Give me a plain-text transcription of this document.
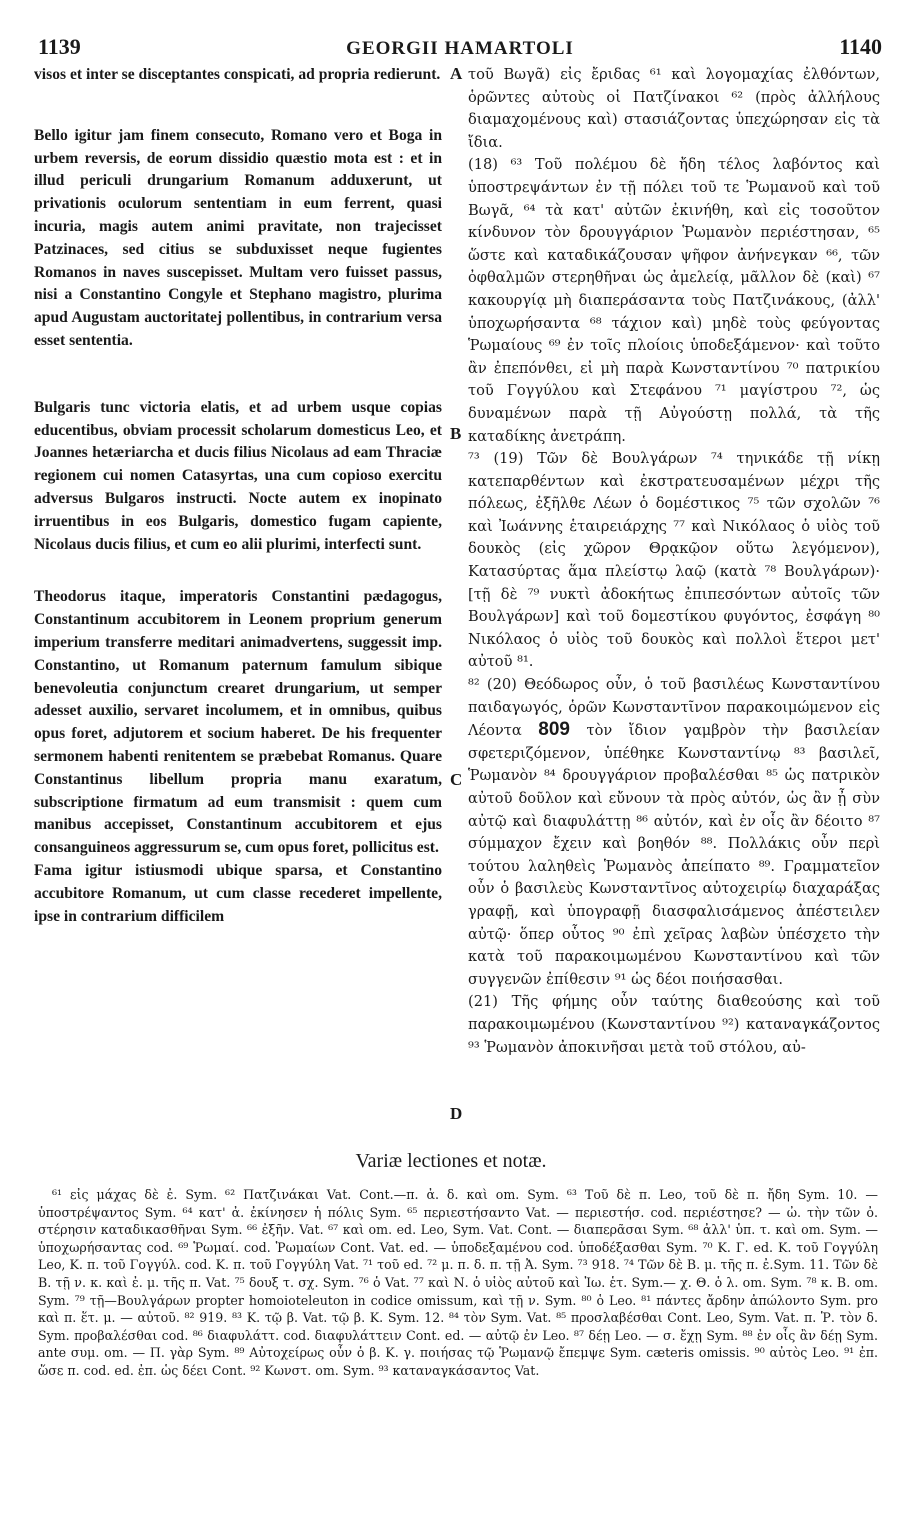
1139	GEORGII HAMARTOLI	1140

visos et inter se disceptantes conspicati, ad propria redierunt.

Bello igitur jam finem consecuto, Romano vero et Boga in urbem reversis, de eorum dissidio quæstio mota est : et in illud periculi drungarium Romanum adduxerunt, ut privationis oculorum sententiam in eum ferrent, quasi incuria, magis autem animi pravitate, non trajecisset Patzinaces, sed citius se subduxisset neque fugientes Romanos in naves suscepisset. Multam vero fuisset passus, nisi a Constantino Congyle et Stephano magistro, plurima apud Augustam auctoritatej pollentibus, in contrarium versa esset sententia.

Bulgaris tunc victoria elatis, et ad urbem usque copias educentibus, obviam processit scholarum domesticus Leo, et Joannes hetæriarcha et ducis filius Nicolaus ad eam Thraciæ regionem cui nomen Catasyrtas, una cum copioso exercitu adversus Bulgaros instructi. Nocte autem ex inopinato irruentibus in eos Bulgaris, domestico fugam capiente, Nicolaus ducis filius, et cum eo alii plurimi, interfecti sunt.

Theodorus itaque, imperatoris Constantini pædagogus, Constantinum accubitorem in Leonem proprium generum imperium transferre meditari animadvertens, suggessit imp. Constantino, ut Romanum paternum famulum sibique benevoleutia conjunctum crearet drungarium, ut semper adesset auxilio, servaret incolumem, et in omnibus, quibus opus foret, adjutorem et socium haberet. De his frequenter sermonem habenti renitentem se præbebat Romanus. Quare Constantinus libellum propria manu exaratum, subscriptione firmatum ad eum transmisit : quem cum manibus accepisset, Constantinum accubitorem et ejus consanguineos aggressurum se, cum opus foret, pollicitus est.

Fama igitur istiusmodi ubique sparsa, et Constantino accubitore Romanum, ut cum classe recederet impellente, ipse in contrarium difficilem

A
B
C
D

τοῦ Βωγᾶ) εἰς ἔριδας ⁶¹ καὶ λογομαχίας ἐλθόντων, ὁρῶντες αὐτοὺς οἱ Πατζίνακοι ⁶² (πρὸς ἀλλήλους διαμαχομένους καὶ) στασιάζοντας ὑπεχώρησαν εἰς τὰ ἴδια.

(18) ⁶³ Τοῦ πολέμου δὲ ἤδη τέλος λαβόντος καὶ ὑποστρεψάντων ἐν τῇ πόλει τοῦ τε Ῥωμανοῦ καὶ τοῦ Βωγᾶ, ⁶⁴ τὰ κατ' αὐτῶν ἐκινήθη, καὶ εἰς τοσοῦτον κίνδυνον τὸν δρουγγάριον Ῥωμανὸν περιέστησαν, ⁶⁵ ὥστε καὶ καταδικάζουσαν ψῆφον ἀνήνεγκαν ⁶⁶, τῶν ὀφθαλμῶν στερηθῆναι ὡς ἀμελείᾳ, μᾶλλον δὲ (καὶ) ⁶⁷ κακουργίᾳ μὴ διαπεράσαντα τοὺς Πατζινάκους, (ἀλλ' ὑποχωρήσαντα ⁶⁸ τάχιον καὶ) μηδὲ τοὺς φεύγοντας Ῥωμαίους ⁶⁹ ἐν τοῖς πλοίοις ὑποδεξάμενον· καὶ τοῦτο ἂν ἐπεπόνθει, εἰ μὴ παρὰ Κωνσταντίνου ⁷⁰ πατρικίου τοῦ Γογγύλου καὶ Στεφάνου ⁷¹ μαγίστρου ⁷², ὡς δυναμένων παρὰ τῇ Αὐγούστῃ πολλά, τὰ τῆς καταδίκης ἀνετράπη.

⁷³ (19) Τῶν δὲ Βουλγάρων ⁷⁴ τηνικάδε τῇ νίκῃ κατεπαρθέντων καὶ ἐκστρατευσαμένων μέχρι τῆς πόλεως, ἐξῆλθε Λέων ὁ δομέστικος ⁷⁵ τῶν σχολῶν ⁷⁶ καὶ Ἰωάννης ἑταιρειάρχης ⁷⁷ καὶ Νικόλαος ὁ υἱὸς τοῦ δουκὸς (εἰς χῶρον Θρᾳκῷον οὕτω λεγόμενον), Κατασύρτας ἅμα πλείστῳ λαῷ (κατὰ ⁷⁸ Βουλγάρων)· [τῇ δὲ ⁷⁹ νυκτὶ ἀδοκήτως ἐπιπεσόντων αὐτοῖς τῶν Βουλγάρων] καὶ τοῦ δομεστίκου φυγόντος, ἐσφάγη ⁸⁰ Νικόλαος ὁ υἱὸς τοῦ δουκὸς καὶ πολλοὶ ἕτεροι μετ' αὐτοῦ ⁸¹.

⁸² (20) Θεόδωρος οὖν, ὁ τοῦ βασιλέως Κωνσταντίνου παιδαγωγός, ὁρῶν Κωνσταντῖνον παρακοιμώμενον εἰς Λέοντα 809 τὸν ἴδιον γαμβρὸν τὴν βασιλείαν σφετεριζόμενον, ὑπέθηκε Κωνσταντίνῳ ⁸³ βασιλεῖ, Ῥωμανὸν ⁸⁴ δρουγγάριον προβαλέσθαι ⁸⁵ ὡς πατρικὸν αὐτοῦ δοῦλον καὶ εὔνουν τὰ πρὸς αὐτόν, ὡς ἂν ᾖ σὺν αὐτῷ καὶ διαφυλάττῃ ⁸⁶ αὐτόν, καὶ ἐν οἷς ἂν δέοιτο ⁸⁷ σύμμαχον ἔχειν καὶ βοηθόν ⁸⁸. Πολλάκις οὖν περὶ τούτου λαληθεὶς Ῥωμανὸς ἀπείπατο ⁸⁹. Γραμματεῖον οὖν ὁ βασιλεὺς Κωνσταντῖνος αὐτοχειρίῳ διαχαράξας γραφῇ, καὶ ὑπογραφῇ διασφαλισάμενος ἀπέστειλεν αὐτῷ· ὅπερ οὗτος ⁹⁰ ἐπὶ χεῖρας λαβὼν ὑπέσχετο τὴν κατὰ τοῦ παρακοιμωμένου Κωνσταντίνου καὶ τῶν συγγενῶν ἐπίθεσιν ⁹¹ ὡς δέοι ποιήσασθαι.

(21) Τῆς φήμης οὖν ταύτης διαθεούσης καὶ τοῦ παρακοιμωμένου (Κωνσταντίνου ⁹²) καταναγκάζοντος ⁹³ Ῥωμανὸν ἀποκινῆσαι μετὰ τοῦ στόλου, αὐ-

Variæ lectiones et notæ.

⁶¹ εἰς μάχας δὲ ἐ. Sym. ⁶² Πατζινάκαι Vat. Cont.—π. ἀ. δ. καὶ om. Sym. ⁶³ Τοῦ δὲ π. Leo, τοῦ δὲ π. ἤδη Sym. 10. — ὑποστρέψαντος Sym. ⁶⁴ κατ' ἀ. ἐκίνησεν ἡ πόλις Sym. ⁶⁵ περιεστήσαντο Vat. — περιεστήσ. cod. περιέστησε? — ὠ. τὴν τῶν ὀ. στέρησιν καταδικασθῆναι Sym. ⁶⁶ ἐξῆν. Vat. ⁶⁷ καὶ om. ed. Leo, Sym. Vat. Cont. — διαπερᾶσαι Sym. ⁶⁸ ἀλλ' ὑπ. τ. καὶ om. Sym. — ὑποχωρήσαντας cod. ⁶⁹ Ῥωμαί. cod. Ῥωμαίων Cont. Vat. ed. — ὑποδεξαμένου cod. ὑποδέξασθαι Sym. ⁷⁰ Κ. Γ. ed. Κ. τοῦ Γογγύλη Leo, Κ. π. τοῦ Γογγύλ. cod. Κ. π. τοῦ Γογγύλη Vat. ⁷¹ τοῦ ed. ⁷² μ. π. δ. π. τῇ Ἀ. Sym. ⁷³ 918. ⁷⁴ Τῶν δὲ Β. μ. τῆς π. ἐ.Sym. 11. Τῶν δὲ Β. τῇ ν. κ. καὶ ἐ. μ. τῆς π. Vat. ⁷⁵ δουξ τ. σχ. Sym. ⁷⁶ ὁ Vat. ⁷⁷ καὶ Ν. ὁ υἱὸς αὐτοῦ καὶ Ἰω. ἑτ. Sym.— χ. Θ. ὁ λ. om. Sym. ⁷⁸ κ. Β. om. Sym. ⁷⁹ τῇ—Βουλγάρων propter homoioteleuton in codice omissum, καὶ τῇ ν. Sym. ⁸⁰ ὁ Leo. ⁸¹ πάντες ἄρδην ἀπώλοντο Sym. pro καὶ π. ἕτ. μ. — αὐτοῦ. ⁸² 919. ⁸³ Κ. τῷ β. Vat. τῷ β. Κ. Sym. 12. ⁸⁴ τὸν Sym. Vat. ⁸⁵ προσλαβέσθαι Cont. Leo, Sym. Vat. π. Ῥ. τὸν δ. Sym. προβαλέσθαι cod. ⁸⁶ διαφυλάττ. cod. διαφυλάττειν Cont. ed. — αὐτῷ ἐν Leo. ⁸⁷ δέῃ Leo. — σ. ἔχῃ Sym. ⁸⁸ ἐν οἷς ἂν δέῃ Sym. ante συμ. om. — Π. γὰρ Sym. ⁸⁹ Αὐτοχείρως οὖν ὁ β. Κ. γ. ποιήσας τῷ Ῥωμανῷ ἔπεμψε Sym. cæteris omissis. ⁹⁰ αὐτὸς Leo. ⁹¹ ἐπ. ὥσε π. cod. ed. ἐπ. ὡς δέει Cont. ⁹² Κωνστ. om. Sym. ⁹³ καταναγκάσαντος Vat.
